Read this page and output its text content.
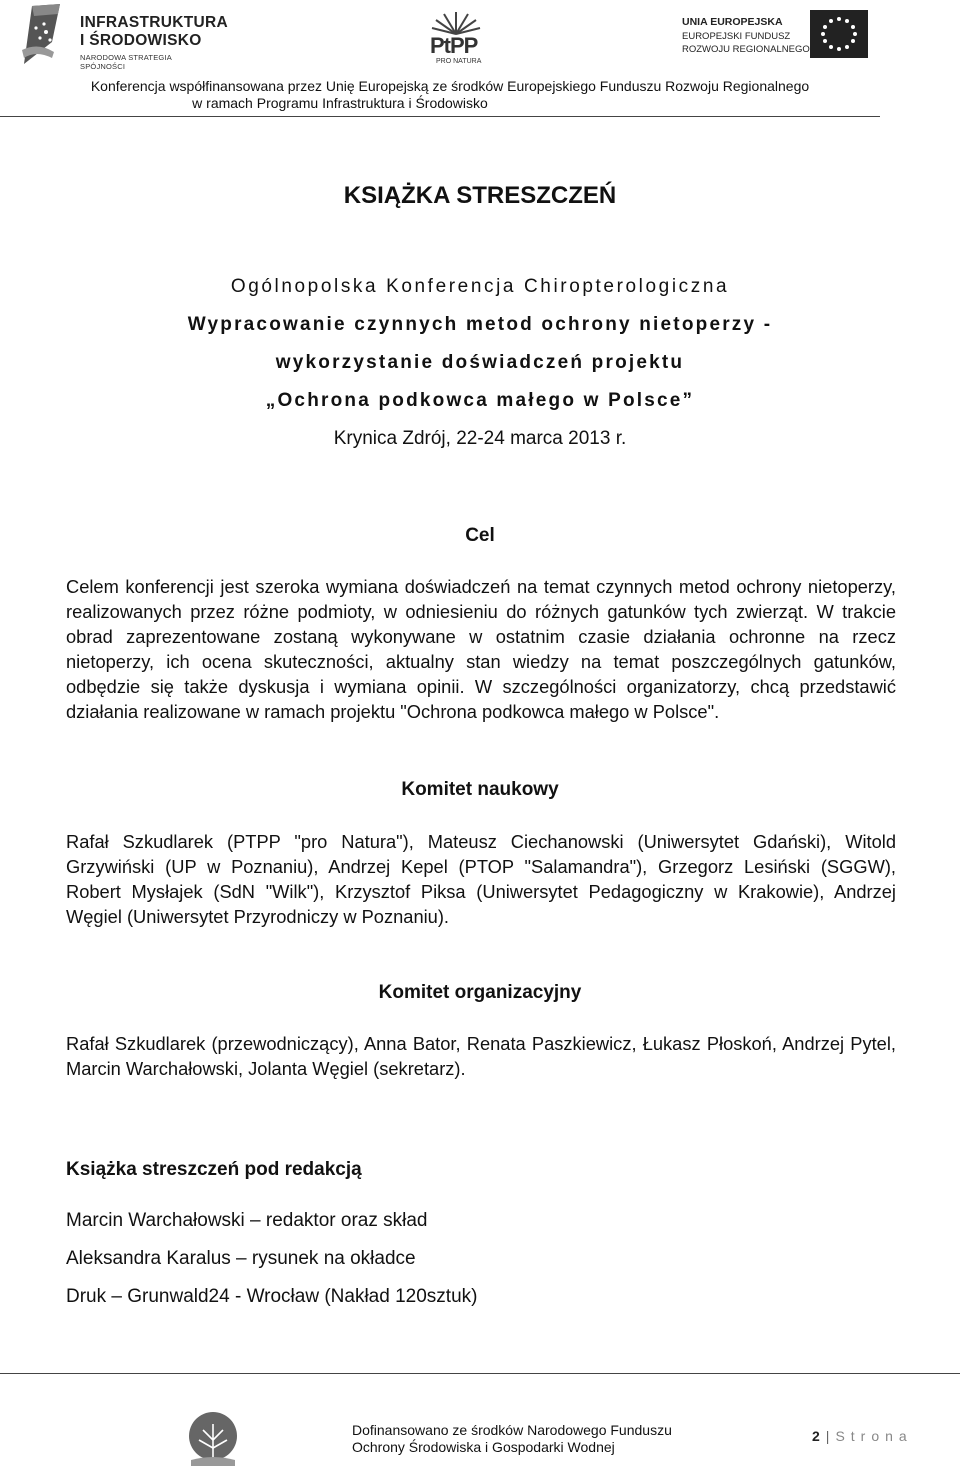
INFRASTRUKTURA
I ŚRODOWISKO
NARODOWA STRATEGIA SPÓJNOŚCI
PtPP
PRO NATURA
UNIA EUROPEJSKA
EUROPEJSKI FUNDUSZ
ROZWOJU REGIONALNEGO
Konferencja współfinansowana przez Unię Europejską ze środków Europejskiego Funduszu Rozwoju Regionalnego
w ramach Programu Infrastruktura i Środowisko
KSIĄŻKA STRESZCZEŃ
Ogólnopolska Konferencja Chiropterologiczna
Wypracowanie czynnych metod ochrony nietoperzy -
wykorzystanie doświadczeń projektu
„Ochrona podkowca małego w Polsce”
Krynica Zdrój, 22-24 marca 2013 r.
Cel
Celem konferencji jest szeroka wymiana doświadczeń na temat czynnych metod ochrony nietoperzy, realizowanych przez różne podmioty, w odniesieniu do różnych gatunków tych zwierząt. W trakcie obrad zaprezentowane zostaną wykonywane w ostatnim czasie działania ochronne na rzecz nietoperzy, ich ocena skuteczności, aktualny stan wiedzy na temat poszczególnych gatunków, odbędzie się także dyskusja i wymiana opinii. W szczególności organizatorzy, chcą przedstawić działania realizowane w ramach projektu "Ochrona podkowca małego w Polsce".
Komitet naukowy
Rafał Szkudlarek (PTPP "pro Natura"), Mateusz Ciechanowski (Uniwersytet Gdański), Witold Grzywiński (UP w Poznaniu), Andrzej Kepel (PTOP "Salamandra"), Grzegorz Lesiński (SGGW), Robert Mysłajek (SdN "Wilk"), Krzysztof Piksa (Uniwersytet Pedagogiczny w Krakowie), Andrzej Węgiel (Uniwersytet Przyrodniczy w Poznaniu).
Komitet organizacyjny
Rafał Szkudlarek (przewodniczący), Anna Bator, Renata Paszkiewicz, Łukasz Płoskoń, Andrzej Pytel, Marcin Warchałowski, Jolanta Węgiel (sekretarz).
Książka streszczeń pod redakcją
Marcin Warchałowski – redaktor oraz skład
Aleksandra Karalus – rysunek na okładce
Druk – Grunwald24 - Wrocław (Nakład 120sztuk)
Dofinansowano ze środków Narodowego Funduszu
Ochrony Środowiska i Gospodarki Wodnej
2 | Strona
